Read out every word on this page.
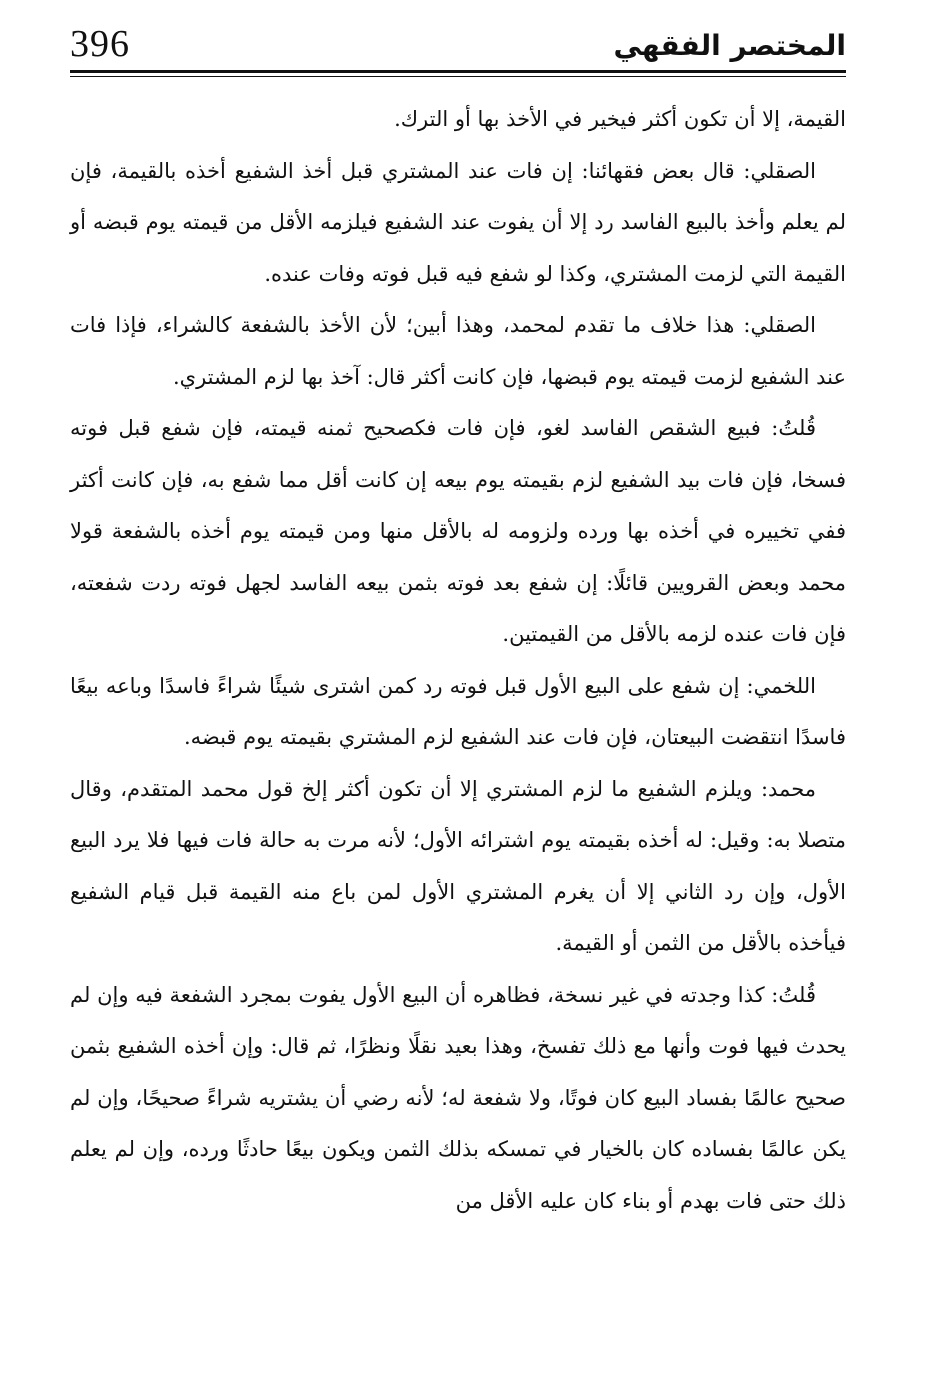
396	المختصر الفقهي

القيمة، إلا أن تكون أكثر فيخير في الأخذ بها أو الترك.

الصقلي: قال بعض فقهائنا: إن فات عند المشتري قبل أخذ الشفيع أخذه بالقيمة، فإن لم يعلم وأخذ بالبيع الفاسد رد إلا أن يفوت عند الشفيع فيلزمه الأقل من قيمته يوم قبضه أو القيمة التي لزمت المشتري، وكذا لو شفع فيه قبل فوته وفات عنده.

الصقلي: هذا خلاف ما تقدم لمحمد، وهذا أبين؛ لأن الأخذ بالشفعة كالشراء، فإذا فات عند الشفيع لزمت قيمته يوم قبضها، فإن كانت أكثر قال: آخذ بها لزم المشتري.

قُلتُ: فبيع الشقص الفاسد لغو، فإن فات فكصحيح ثمنه قيمته، فإن شفع قبل فوته فسخا، فإن فات بيد الشفيع لزم بقيمته يوم بيعه إن كانت أقل مما شفع به، فإن كانت أكثر ففي تخييره في أخذه بها ورده ولزومه له بالأقل منها ومن قيمته يوم أخذه بالشفعة قولا محمد وبعض القرويين قائلًا: إن شفع بعد فوته بثمن بيعه الفاسد لجهل فوته ردت شفعته، فإن فات عنده لزمه بالأقل من القيمتين.

اللخمي: إن شفع على البيع الأول قبل فوته رد كمن اشترى شيئًا شراءً فاسدًا وباعه بيعًا فاسدًا انتقضت البيعتان، فإن فات عند الشفيع لزم المشتري بقيمته يوم قبضه.

محمد: ويلزم الشفيع ما لزم المشتري إلا أن تكون أكثر إلخ قول محمد المتقدم، وقال متصلا به: وقيل: له أخذه بقيمته يوم اشترائه الأول؛ لأنه مرت به حالة فات فيها فلا يرد البيع الأول، وإن رد الثاني إلا أن يغرم المشتري الأول لمن باع منه القيمة قبل قيام الشفيع فيأخذه بالأقل من الثمن أو القيمة.

قُلتُ: كذا وجدته في غير نسخة، فظاهره أن البيع الأول يفوت بمجرد الشفعة فيه وإن لم يحدث فيها فوت وأنها مع ذلك تفسخ، وهذا بعيد نقلًا ونظرًا، ثم قال: وإن أخذه الشفيع بثمن صحيح عالمًا بفساد البيع كان فوتًا، ولا شفعة له؛ لأنه رضي أن يشتريه شراءً صحيحًا، وإن لم يكن عالمًا بفساده كان بالخيار في تمسكه بذلك الثمن ويكون بيعًا حادثًا ورده، وإن لم يعلم ذلك حتى فات بهدم أو بناء كان عليه الأقل من
